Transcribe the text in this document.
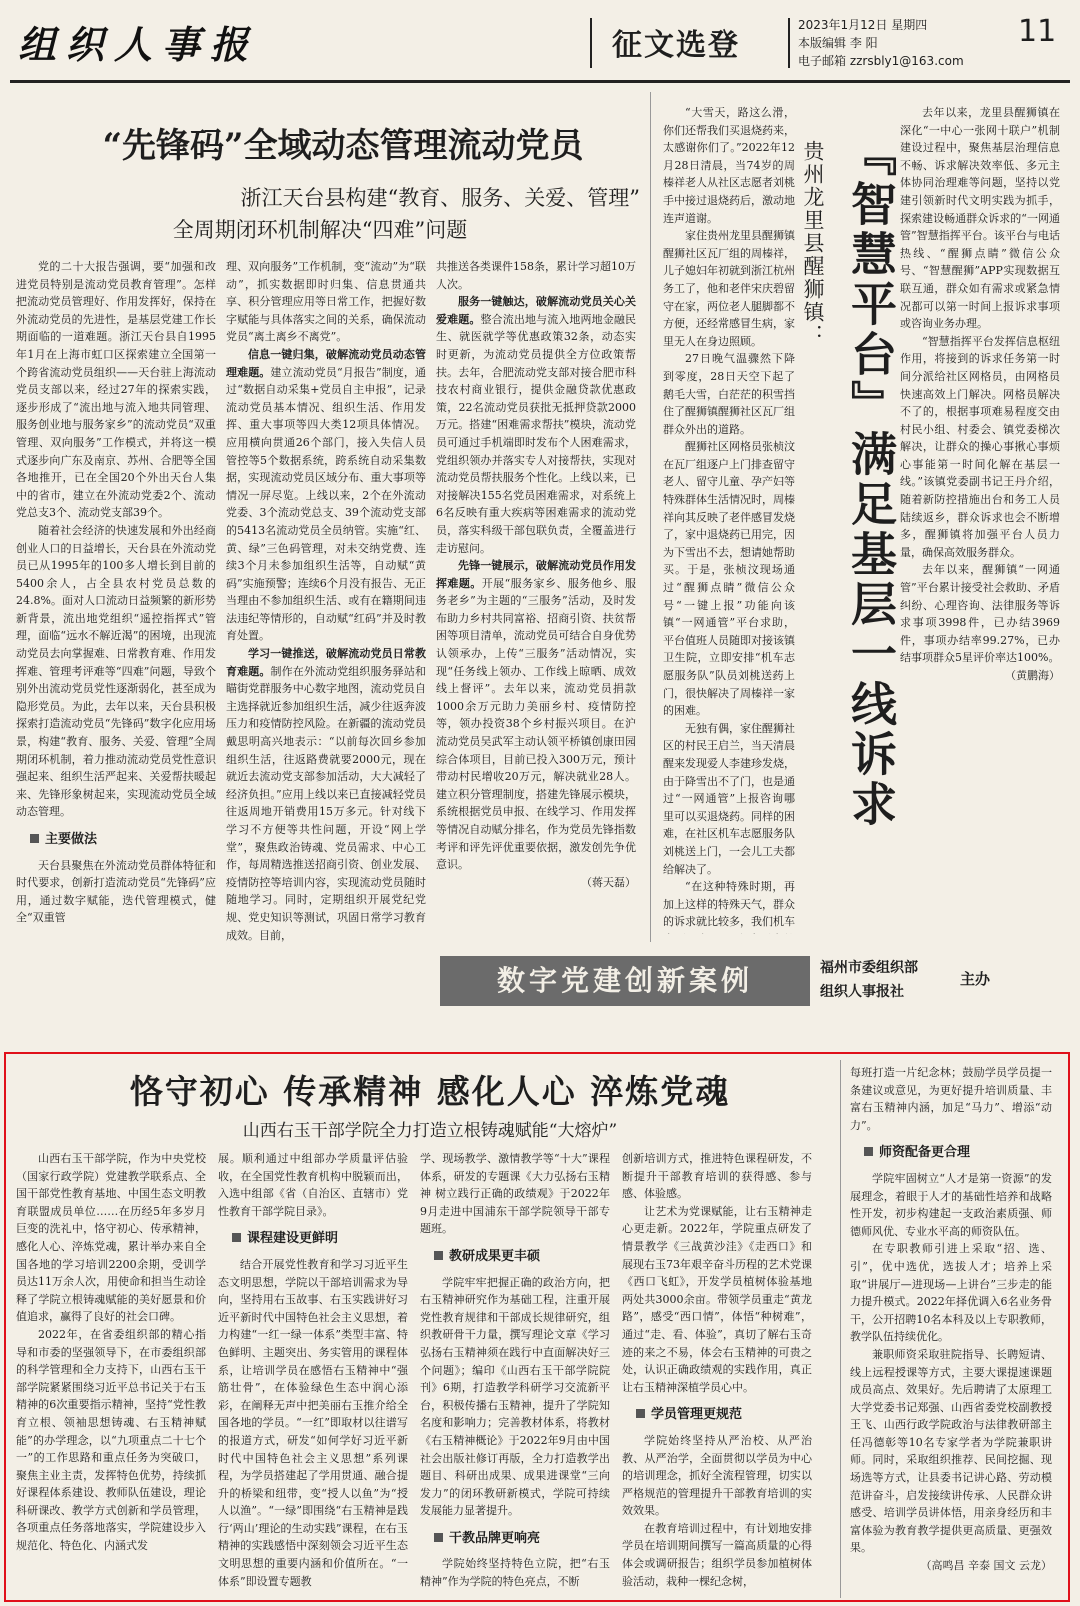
组织人事报	征文选登
2023年1月12日 星期四
本版编辑 李 阳
电子邮箱 zzrsbly1@163.com
11
“先锋码”全域动态管理流动党员
浙江天台县构建“教育、服务、关爱、管理”
全周期闭环机制解决“四难”问题

党的二十大报告强调，要“加强和改进党员特别是流动党员教育管理”。怎样把流动党员管理好、作用发挥好，保持在外流动党员的先进性，是基层党建工作长期面临的一道难题。浙江天台县自1995年1月在上海市虹口区探索建立全国第一个跨省流动党员组织——天台驻上海流动党员支部以来，经过27年的探索实践，逐步形成了“流出地与流入地共同管理、服务创业地与服务家乡”的流动党员“双重管理、双向服务”工作模式，并将这一模式逐步向广东及南京、苏州、合肥等全国各地推开，已在全国20个外出天台人集中的省市，建立在外流动党委2个、流动党总支3个、流动党支部39个。

随着社会经济的快速发展和外出经商创业人口的日益增长，天台县在外流动党员已从1995年的100多人增长到目前的5400余人，占全县农村党员总数的24.8%。面对人口流动日益频繁的新形势新背景，流出地党组织“遥控指挥式”管理，面临“远水不解近渴”的困境，出现流动党员去向掌握难、日常教育难、作用发挥难、管理考评难等“四难”问题，导致个别外出流动党员党性逐渐弱化，甚至成为隐形党员。为此，去年以来，天台县积极探索打造流动党员“先锋码”数字化应用场景，构建“教育、服务、关爱、管理”全周期闭环机制，着力推动流动党员党性意识强起来、组织生活严起来、关爱帮扶暖起来、先锋形象树起来，实现流动党员全域动态管理。

主要做法

天台县聚焦在外流动党员群体特征和时代要求，创新打造流动党员“先锋码”应用，通过数字赋能，迭代管理模式，健全“双重管

理、双向服务”工作机制，变“流动”为“联动”，抓实数据即时归集、信息贯通共享、积分管理应用等日常工作，把握好数字赋能与具体落实之间的关系，确保流动党员“离土离乡不离党”。

信息一键归集，破解流动党员动态管理难题。建立流动党员“月报告”制度，通过“数据自动采集+党员自主申报”，记录流动党员基本情况、组织生活、作用发挥、重大事项等四大类12项具体情况。应用横向贯通26个部门，接入失信人员管控等5个数据系统，跨系统自动采集数据，实现流动党员区域分布、重大事项等情况一屏尽览。上线以来，2个在外流动党委、3个流动党总支、39个流动党支部的5413名流动党员全员纳管。实施“红、黄、绿”三色码管理，对未交纳党费、连续3个月未参加组织生活等，自动赋“黄码”实施预警；连续6个月没有报告、无正当理由不参加组织生活、或有在籍期间违法违纪等情形的，自动赋“红码”并及时教育处置。

学习一键推送，破解流动党员日常教育难题。制作在外流动党组织服务驿站和瞄街党群服务中心数字地图，流动党员自主选择就近参加组织生活，减少往返奔波压力和疫情防控风险。在新疆的流动党员戴思明高兴地表示：“以前每次回乡参加组织生活，往返路费就要2000元，现在就近去流动党支部参加活动，大大减轻了经济负担。”应用上线以来已直接减轻党员往返周地开销费用15万多元。针对线下学习不方便等共性问题，开设“网上学堂”，聚焦政治铸魂、党员需求、中心工作，每周精选推送招商引资、创业发展、疫情防控等培训内容，实现流动党员随时随地学习。同时，定期组织开展党纪党规、党史知识等测试，巩固日常学习教育成效。目前，

共推送各类课件158条，累计学习超10万人次。

服务一键触达，破解流动党员关心关爱难题。整合流出地与流入地两地金融民生、就医就学等优惠政策32条，动态实时更新，为流动党员提供全方位政策帮扶。去年，合肥流动党支部对接合肥市科技农村商业银行，提供金融贷款优惠政策，22名流动党员获批无抵押贷款2000万元。搭建“困难需求帮扶”模块，流动党员可通过手机端即时发布个人困难需求，党组织领办并落实专人对接帮扶，实现对流动党员帮扶服务个性化。上线以来，已对接解决155名党员困难需求，对系统上6名反映有重大疾病等困难需求的流动党员，落实科级干部包联负责，全覆盖进行走访慰问。

先锋一键展示，破解流动党员作用发挥难题。开展“服务家乡、服务他乡、服务老乡”为主题的“三服务”活动，及时发布助力乡村共同富裕、招商引资、扶贫帮困等项目清单，流动党员可结合自身优势认领承办，上传“三服务”活动情况，实现“任务线上领办、工作线上晾晒、成效线上督评”。去年以来，流动党员捐款1000余万元助力美丽乡村、疫情防控等，领办投资38个乡村振兴项目。在沪流动党员吴武军主动认领平桥镇创康田园综合体项目，目前已投入300万元，预计带动村民增收20万元，解决就业28人。建立积分管理制度，搭建先锋展示模块，系统根据党员申报、在线学习、作用发挥等情况自动赋分排名，作为党员先锋指数考评和评先评优重要依据，激发创先争优意识。

（蒋天磊）
『智慧平台』满足基层一线诉求
贵州龙里县醒狮镇：

“大雪天，路这么滑，你们还帮我们买退烧药来，太感谢你们了。”2022年12月28日清晨，当74岁的周榛祥老人从社区志愿者刘桃手中接过退烧药后，激动地连声道谢。

家住贵州龙里县醒狮镇醒狮社区瓦厂组的周榛祥，儿子媳妇年初就到浙江杭州务工了，他和老伴宋庆碧留守在家，两位老人腿脚都不方便，还经常感冒生病，家里无人在身边照顾。

27日晚气温骤然下降到零度，28日天空下起了鹅毛大雪，白茫茫的积雪挡住了醒狮镇醒狮社区瓦厂组群众外出的道路。

醒狮社区网格员张桢汶在瓦厂组逐户上门排查留守老人、留守儿童、孕产妇等特殊群体生活情况时，周榛祥向其反映了老伴感冒发烧了，家中退烧药已用完，因为下雪出不去，想请她帮助买。于是，张桢汶现场通过“醒狮点睛”微信公众号“一键上报”功能向该镇“一网通管”平台求助，平台值班人员随即对接该镇卫生院，立即安排“机车志愿服务队”队员刘桃送药上门，很快解决了周榛祥一家的困难。

无独有偶，家住醒狮社区的村民王启兰，当天清晨醒来发现爱人李建珍发烧，由于降雪出不了门，也是通过“一网通管”上报咨询哪里可以买退烧药。同样的困难，在社区机车志愿服务队刘桃送上门，一会儿工夫都给解决了。

“在这种特殊时期，再加上这样的特殊天气，群众的诉求就比较多，我们机车

去年以来，龙里县醒狮镇在深化“一中心一张网十联户”机制建设过程中，聚焦基层治理信息不畅、诉求解决效率低、多元主体协同治理难等问题，坚持以党建引领新时代文明实践为抓手，探索建设畅通群众诉求的“一网通管”智慧指挥平台。该平台与电话热线、“醒狮点睛”微信公众号、“智慧醒狮”APP实现数据互联互通，群众如有需求或紧急情况都可以第一时间上报诉求事项或咨询业务办理。

“智慧指挥平台发挥信息枢纽作用，将接到的诉求任务第一时间分派给社区网格员，由网格员快速高效上门解决。网格员解决不了的，根据事项难易程度交由村民小组、村委会、镇党委梯次解决，让群众的操心事揪心事烦心事能第一时间化解在基层一线。”该镇党委副书记王丹介绍，随着新防控措施出台和务工人员陆续返乡，群众诉求也会不断增多，醒狮镇将加强平台人员力量，确保高效服务群众。

去年以来，醒狮镇“一网通管”平台累计接受社会救助、矛盾纠纷、心理咨询、法律服务等诉求事项3998件，已办结3969件，事项办结率99.27%，已办结事项群众5星评价率达100%。

（黄鹏海）
数字党建创新案例	福州市委组织部
组织人事报社
主办
恪守初心 传承精神 感化人心 淬炼党魂
山西右玉干部学院全力打造立根铸魂赋能“大熔炉”

山西右玉干部学院，作为中央党校（国家行政学院）党建教学联系点、全国干部党性教育基地、中国生态文明教育联盟成员单位……在历经5年多岁月巨变的洗礼中，恪守初心、传承精神，感化人心、淬炼党魂，累计举办来自全国各地的学习培训2200余期，受训学员达11万余人次，用使命和担当生动诠释了学院立根铸魂赋能的美好愿景和价值追求，赢得了良好的社会口碑。

2022年，在省委组织部的精心指导和市委的坚强领导下，在市委组织部的科学管理和全力支持下，山西右玉干部学院紧紧围绕习近平总书记关于右玉精神的6次重要指示精神，坚持“党性教育立根、领袖思想铸魂、右玉精神赋能”的办学理念，以“九项重点二十七个一”的工作思路和重点任务为突破口，聚焦主业主责，发挥特色优势，持续抓好课程体系建设、教师队伍建设，理论科研课改、教学方式创新和学员管理，各项重点任务落地落实，学院建设步入规范化、特色化、内涵式发

展。顺利通过中组部办学质量评估验收，在全国党性教育机构中脱颖而出，入选中组部《省（自治区、直辖市）党性教育干部学院目录》。

课程建设更鲜明

结合开展党性教育和学习习近平生态文明思想，学院以干部培训需求为导向，坚持用右玉故事、右玉实践讲好习近平新时代中国特色社会主义思想，着力构建“一红一绿一体系”类型丰富、特色鲜明、主题突出、务实管用的课程体系，让培训学员在感悟右玉精神中“强筋壮骨”，在体验绿色生态中润心添彩，在阐释无声中把美丽右玉推介给全国各地的学员。“一红”即取材以往谱写的报道方式，研发“如何学好习近平新时代中国特色社会主义思想”系列课程，为学员搭建起了学用贯通、融合提升的桥梁和纽带，变“授人以鱼”为“授人以渔”。“一绿”即围绕“右玉精神是践行‘两山’理论的生动实践”课程，在右玉精神的实践感悟中深刻领会习近平生态文明思想的重要内涵和价值所在。“一体系”即设置专题教

学、现场教学、激情教学等“十大”课程体系，研发的专题课《大力弘扬右玉精神 树立践行正确的政绩观》于2022年9月走进中国浦东干部学院领导干部专题班。

教研成果更丰硕

学院牢牢把握正确的政治方向，把右玉精神研究作为基础工程，注重开展党性教育规律和干部成长规律研究，组织教研骨干力量，撰写理论文章《学习弘扬右玉精神须在践行中直面解决好三个问题》；编印《山西右玉干部学院院刊》6期，打造教学科研学习交流新平台，积极传播右玉精神，提升了学院知名度和影响力；完善教材体系，将教材《右玉精神概论》于2022年9月由中国社会出版社修订再版，全力打造教学出题目、科研出成果、成果进课堂“三向发力”的闭环教研新模式，学院可持续发展能力显著提升。

干教品牌更响亮

学院始终坚持特色立院，把“右玉精神”作为学院的特色亮点，不断

创新培训方式，推进特色课程研发，不断提升干部教育培训的获得感、参与感、体验感。

让艺术为党课赋能，让右玉精神走心更走新。2022年，学院重点研发了情景教学《三战黄沙洼》《走西口》和展现右玉73年艰辛奋斗历程的艺术党课《西口飞虹》，开发学员植树体验基地两处共3000余亩。带领学员重走“黄龙路”，感受“西口情”，体悟“种树难”，通过“走、看、体验”，真切了解右玉奇迹的来之不易，体会右玉精神的可贵之处，认识正确政绩观的实践作用，真正让右玉精神深植学员心中。

学员管理更规范

学院始终坚持从严治校、从严治教、从严治学，全面贯彻以学员为中心的培训理念，抓好全流程管理，切实以严格规范的管理提升干部教育培训的实效效果。

在教育培训过程中，有计划地安排学员在培训期间撰写一篇高质量的心得体会或调研报告；组织学员参加植树体验活动，栽种一棵纪念树，

每班打造一片纪念林；鼓励学员学员提一条建议或意见，为更好提升培训质量、丰富右玉精神内涵，加足“马力”、增添“动力”。

师资配备更合理

学院牢固树立“人才是第一资源”的发展理念，着眼于人才的基础性培养和战略性开发，初步构建起一支政治素质强、师德师风优、专业水平高的师资队伍。

在专职教师引进上采取“招、选、引”，优中选优，选拔人才；培养上采取“讲展厅—进现场—上讲台”三步走的能力提升模式。2022年择优调入6名业务骨干，公开招聘10名本科及以上专职教师，教学队伍持续优化。

兼职师资采取驻院指导、长聘短请、线上远程授课等方式，主要大课提速课题成员高点、效果好。先后聘请了太原理工大学党委书记郑强、山西省委党校副教授王飞、山西行政学院政治与法律教研部主任冯德彰等10名专家学者为学院兼职讲师。同时，采取组织推荐、民间挖掘、现场选等方式，让县委书记讲心路、劳动模范讲奋斗，启发接续讲传承、人民群众讲感受、培训学员讲体悟，用亲身经历和丰富体验为教育教学提供更高质量、更强效果。

（高鸣昌 辛泰 国文 云龙）
